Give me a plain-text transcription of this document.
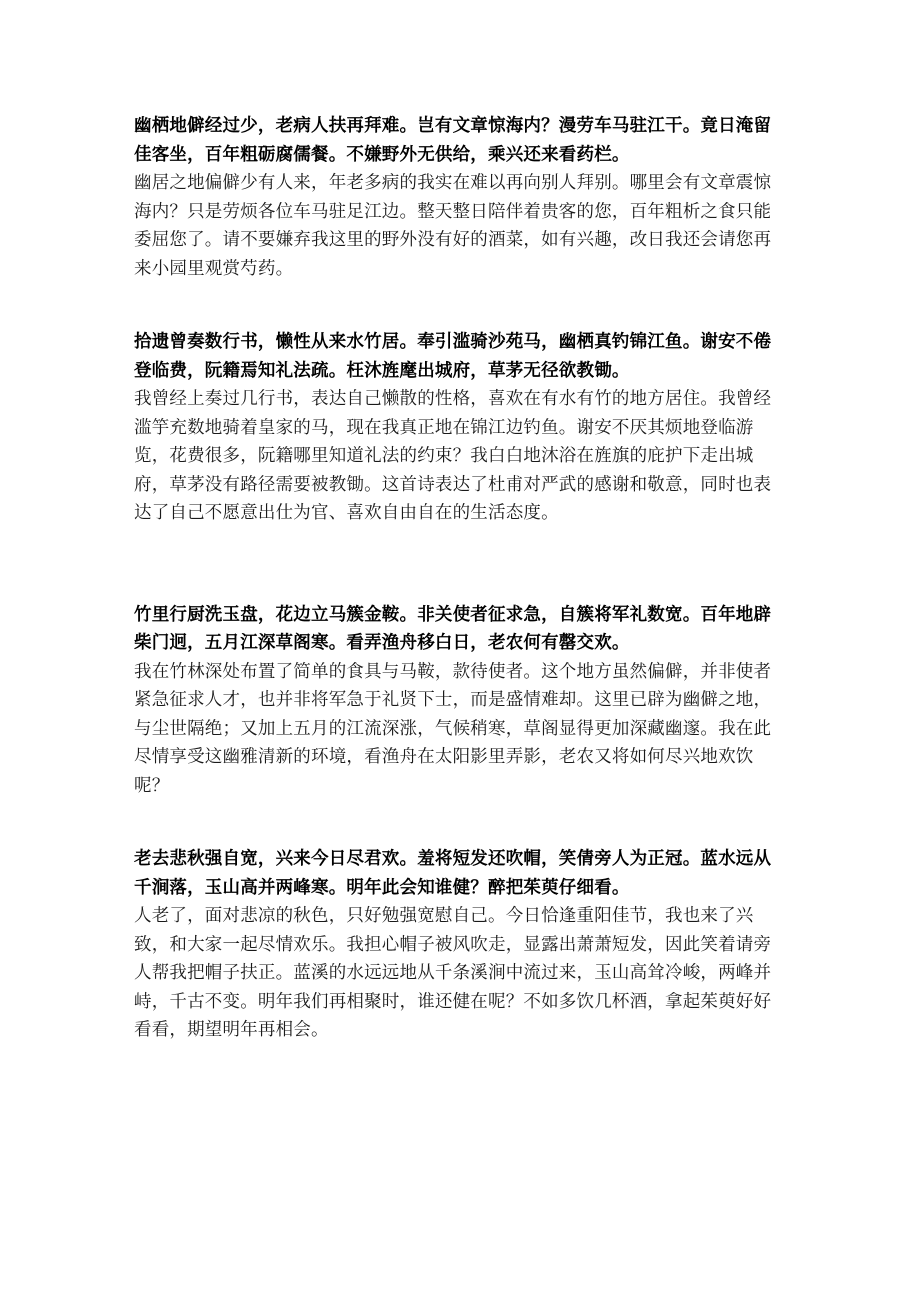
幽栖地僻经过少，老病人扶再拜难。岂有文章惊海内？漫劳车马驻江干。竟日淹留佳客坐，百年粗砺腐儒餐。不嫌野外无供给，乘兴还来看药栏。

幽居之地偏僻少有人来，年老多病的我实在难以再向别人拜别。哪里会有文章震惊海内？只是劳烦各位车马驻足江边。整天整日陪伴着贵客的您，百年粗析之食只能委屈您了。请不要嫌弃我这里的野外没有好的酒菜，如有兴趣，改日我还会请您再来小园里观赏芍药。

拾遗曾奏数行书，懒性从来水竹居。奉引滥骑沙苑马，幽栖真钓锦江鱼。谢安不倦登临费，阮籍焉知礼法疏。枉沐旌麾出城府，草茅无径欲教锄。

我曾经上奏过几行书，表达自己懒散的性格，喜欢在有水有竹的地方居住。我曾经滥竽充数地骑着皇家的马，现在我真正地在锦江边钓鱼。谢安不厌其烦地登临游览，花费很多，阮籍哪里知道礼法的约束？我白白地沐浴在旌旗的庇护下走出城府，草茅没有路径需要被教锄。这首诗表达了杜甫对严武的感谢和敬意，同时也表达了自己不愿意出仕为官、喜欢自由自在的生活态度。

竹里行厨洗玉盘，花边立马簇金鞍。非关使者征求急，自簇将军礼数宽。百年地辟柴门迥，五月江深草阁寒。看弄渔舟移白日，老农何有罄交欢。

我在竹林深处布置了简单的食具与马鞍，款待使者。这个地方虽然偏僻，并非使者紧急征求人才，也并非将军急于礼贤下士，而是盛情难却。这里已辟为幽僻之地，与尘世隔绝；又加上五月的江流深涨，气候稍寒，草阁显得更加深藏幽邃。我在此尽情享受这幽雅清新的环境，看渔舟在太阳影里弄影，老农又将如何尽兴地欢饮呢？

老去悲秋强自宽，兴来今日尽君欢。羞将短发还吹帽，笑倩旁人为正冠。蓝水远从千涧落，玉山高并两峰寒。明年此会知谁健？醉把茱萸仔细看。

人老了，面对悲凉的秋色，只好勉强宽慰自己。今日恰逢重阳佳节，我也来了兴致，和大家一起尽情欢乐。我担心帽子被风吹走，显露出萧萧短发，因此笑着请旁人帮我把帽子扶正。蓝溪的水远远地从千条溪涧中流过来，玉山高耸冷峻，两峰并峙，千古不变。明年我们再相聚时，谁还健在呢？不如多饮几杯酒，拿起茱萸好好看看，期望明年再相会。
